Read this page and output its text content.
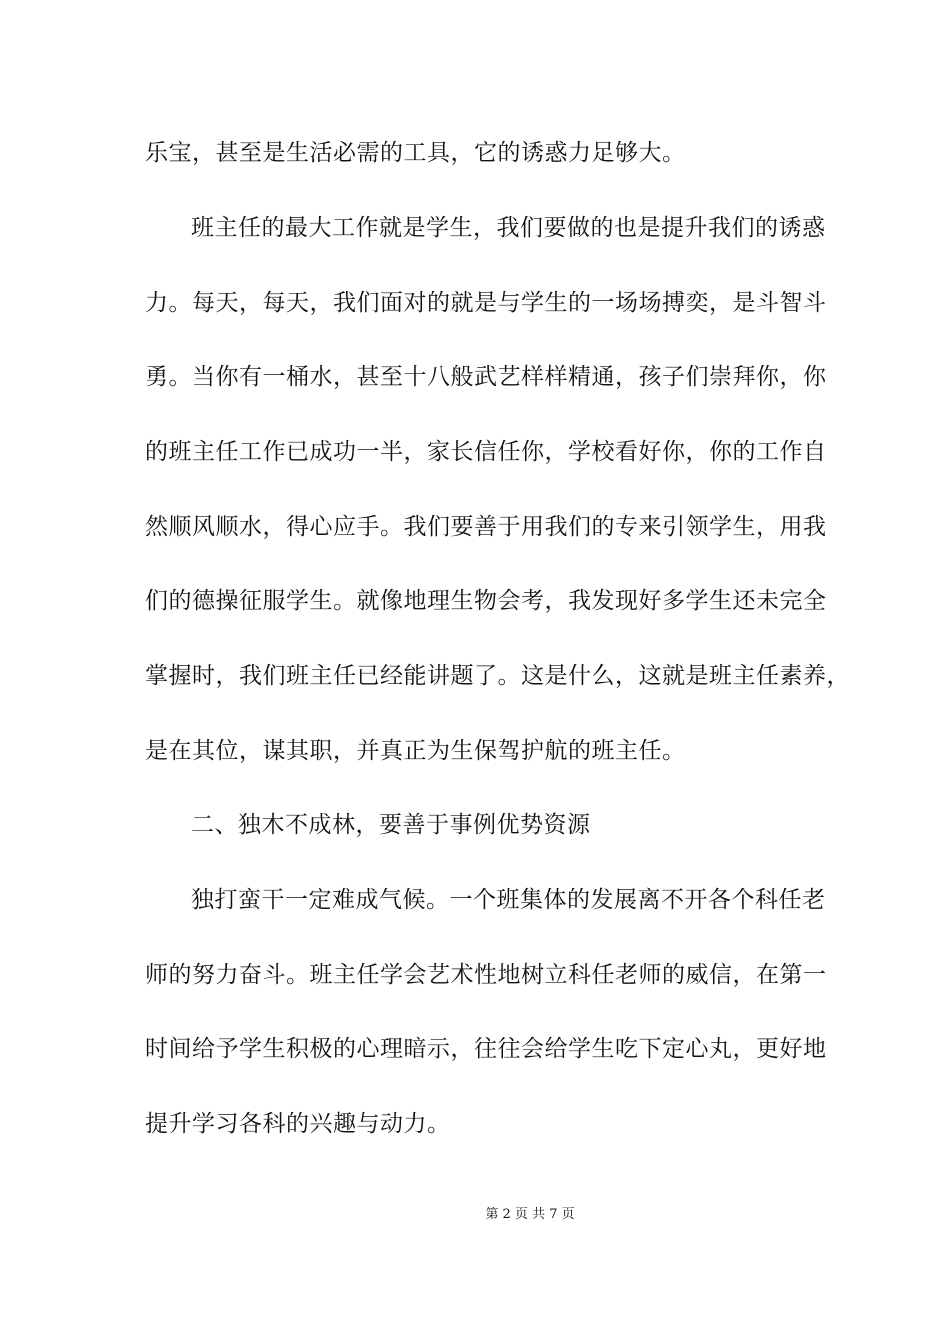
乐宝，甚至是生活必需的工具，它的诱惑力足够大。
班主任的最大工作就是学生，我们要做的也是提升我们的诱惑
力。每天，每天，我们面对的就是与学生的一场场搏奕，是斗智斗
勇。当你有一桶水，甚至十八般武艺样样精通，孩子们崇拜你，你
的班主任工作已成功一半，家长信任你，学校看好你，你的工作自
然顺风顺水，得心应手。我们要善于用我们的专来引领学生，用我
们的德操征服学生。就像地理生物会考，我发现好多学生还未完全
掌握时，我们班主任已经能讲题了。这是什么，这就是班主任素养，
是在其位，谋其职，并真正为生保驾护航的班主任。
二、独木不成林，要善于事例优势资源
独打蛮干一定难成气候。一个班集体的发展离不开各个科任老
师的努力奋斗。班主任学会艺术性地树立科任老师的威信，在第一
时间给予学生积极的心理暗示，往往会给学生吃下定心丸，更好地
提升学习各科的兴趣与动力。
第 2 页 共 7 页
